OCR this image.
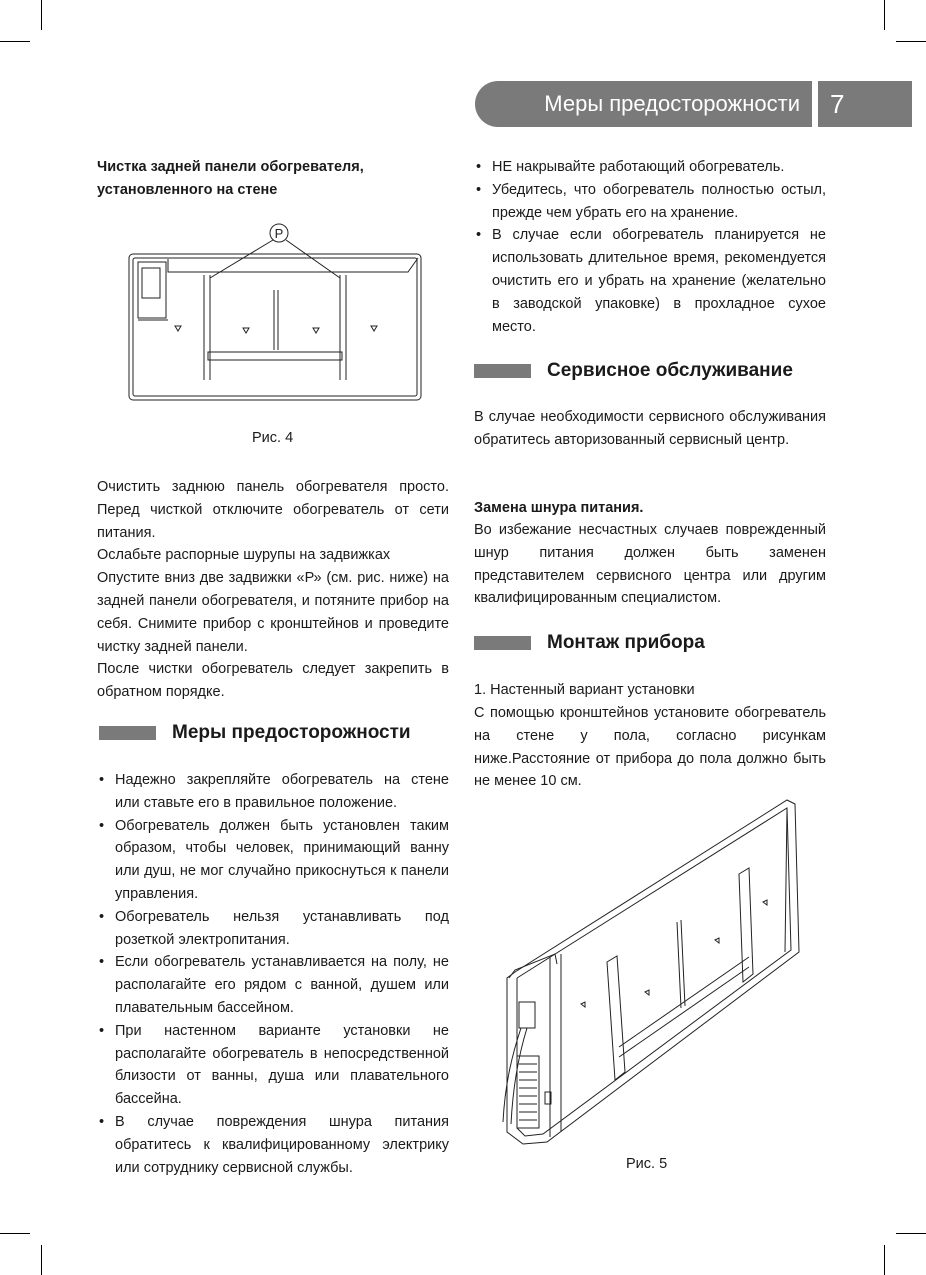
Меры предосторожности	7
Чистка задней панели обогревателя, установленного на стене
P
Рис. 4

Очистить заднюю панель обогревателя просто. Перед чисткой отключите обогреватель от сети питания.

Ослабьте распорные шурупы на задвижках

Опустите вниз две задвижки «Р» (см. рис. ниже) на задней панели обогревателя, и потяните прибор на себя. Снимите прибор с кронштейнов и проведите чистку задней панели.

После чистки обогреватель следует закрепить в обратном порядке.

Меры предосторожности
• Надежно закрепляйте обогреватель на стене или ставьте его в правильное положение.
• Обогреватель должен быть установлен таким образом, чтобы человек, принимающий ванну или душ, не мог случайно прикоснуться к панели управления.
• Обогреватель нельзя устанавливать под розеткой электропитания.
• Если обогреватель устанавливается на полу, не располагайте его рядом с ванной, душем или плавательным бассейном.
• При настенном варианте установки не располагайте обогреватель в непосредственной близости от ванны, душа или плавательного бассейна.
• В случае повреждения шнура питания обратитесь к квалифицированному электрику или сотруднику сервисной службы.
• НЕ накрывайте работающий обогреватель.
• Убедитесь, что обогреватель полностью остыл, прежде чем убрать его на хранение.
• В случае если обогреватель планируется не использовать длительное время, рекомендуется очистить его и убрать на хранение (желательно в заводской упаковке) в прохладное сухое место.
Сервисное обслуживание
В случае необходимости сервисного обслуживания обратитесь авторизованный сервисный центр.
Замена шнура питания.
Во избежание несчастных случаев поврежденный шнур питания должен быть заменен представителем сервисного центра или другим квалифицированным специалистом.
Монтаж прибора
1. Настенный вариант установки
С помощью кронштейнов установите обогреватель на стене у пола, согласно рисункам ниже.Расстояние от прибора до пола должно быть не менее 10 см.
Рис. 5
